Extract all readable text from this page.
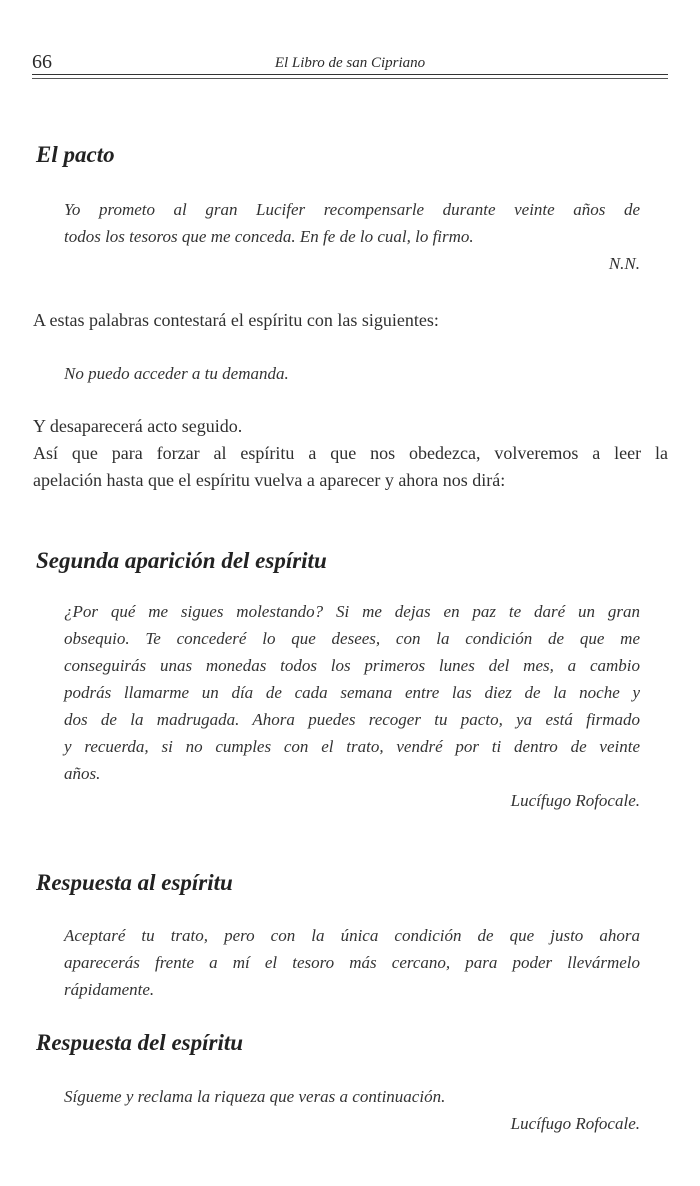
66	El Libro de san Cipriano
El pacto
Yo prometo al gran Lucifer recompensarle durante veinte años de
todos los tesoros que me conceda. En fe de lo cual, lo firmo.

N.N.

A estas palabras contestará el espíritu con las siguientes:

No puedo acceder a tu demanda.

Y desaparecerá acto seguido.
Así que para forzar al espíritu a que nos obedezca, volveremos a leer la
apelación hasta que el espíritu vuelva a aparecer y ahora nos dirá:

Segunda aparición del espíritu
¿Por qué me sigues molestando? Si me dejas en paz te daré un gran
obsequio. Te concederé lo que desees, con la condición de que me
conseguirás unas monedas todos los primeros lunes del mes, a cambio
podrás llamarme un día de cada semana entre las diez de la noche y
dos de la madrugada. Ahora puedes recoger tu pacto, ya está firmado
y recuerda, si no cumples con el trato, vendré por ti dentro de veinte
años.

Lucífugo Rofocale.

Respuesta al espíritu
Aceptaré tu trato, pero con la única condición de que justo ahora
aparecerás frente a mí el tesoro más cercano, para poder llevármelo
rápidamente.
Respuesta del espíritu
Sígueme y reclama la riqueza que veras a continuación.

Lucífugo Rofocale.
